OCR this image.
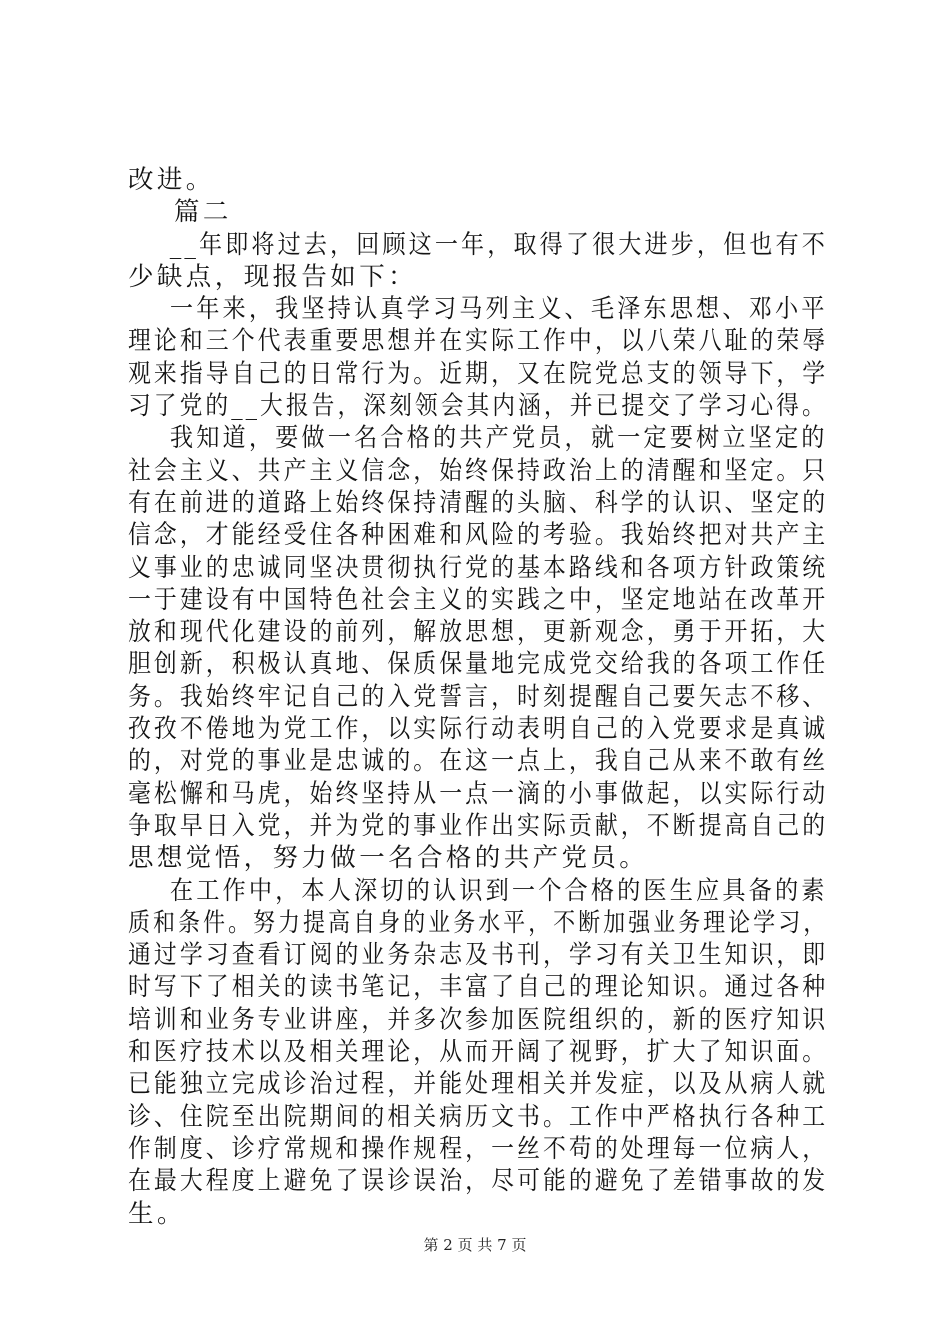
改进。
篇二
__年即将过去，回顾这一年，取得了很大进步，但也有不
少缺点，现报告如下：
一年来，我坚持认真学习马列主义、毛泽东思想、邓小平
理论和三个代表重要思想并在实际工作中，以八荣八耻的荣辱
观来指导自己的日常行为。近期，又在院党总支的领导下，学
习了党的__大报告，深刻领会其内涵，并已提交了学习心得。
我知道，要做一名合格的共产党员，就一定要树立坚定的
社会主义、共产主义信念，始终保持政治上的清醒和坚定。只
有在前进的道路上始终保持清醒的头脑、科学的认识、坚定的
信念，才能经受住各种困难和风险的考验。我始终把对共产主
义事业的忠诚同坚决贯彻执行党的基本路线和各项方针政策统
一于建设有中国特色社会主义的实践之中，坚定地站在改革开
放和现代化建设的前列，解放思想，更新观念，勇于开拓，大
胆创新，积极认真地、保质保量地完成党交给我的各项工作任
务。我始终牢记自己的入党誓言，时刻提醒自己要矢志不移、
孜孜不倦地为党工作，以实际行动表明自己的入党要求是真诚
的，对党的事业是忠诚的。在这一点上，我自己从来不敢有丝
毫松懈和马虎，始终坚持从一点一滴的小事做起，以实际行动
争取早日入党，并为党的事业作出实际贡献，不断提高自己的
思想觉悟，努力做一名合格的共产党员。
在工作中，本人深切的认识到一个合格的医生应具备的素
质和条件。努力提高自身的业务水平，不断加强业务理论学习，
通过学习查看订阅的业务杂志及书刊，学习有关卫生知识，即
时写下了相关的读书笔记，丰富了自己的理论知识。通过各种
培训和业务专业讲座，并多次参加医院组织的，新的医疗知识
和医疗技术以及相关理论，从而开阔了视野，扩大了知识面。
已能独立完成诊治过程，并能处理相关并发症，以及从病人就
诊、住院至出院期间的相关病历文书。工作中严格执行各种工
作制度、诊疗常规和操作规程，一丝不苟的处理每一位病人，
在最大程度上避免了误诊误治，尽可能的避免了差错事故的发
生。
第 2 页 共 7 页
